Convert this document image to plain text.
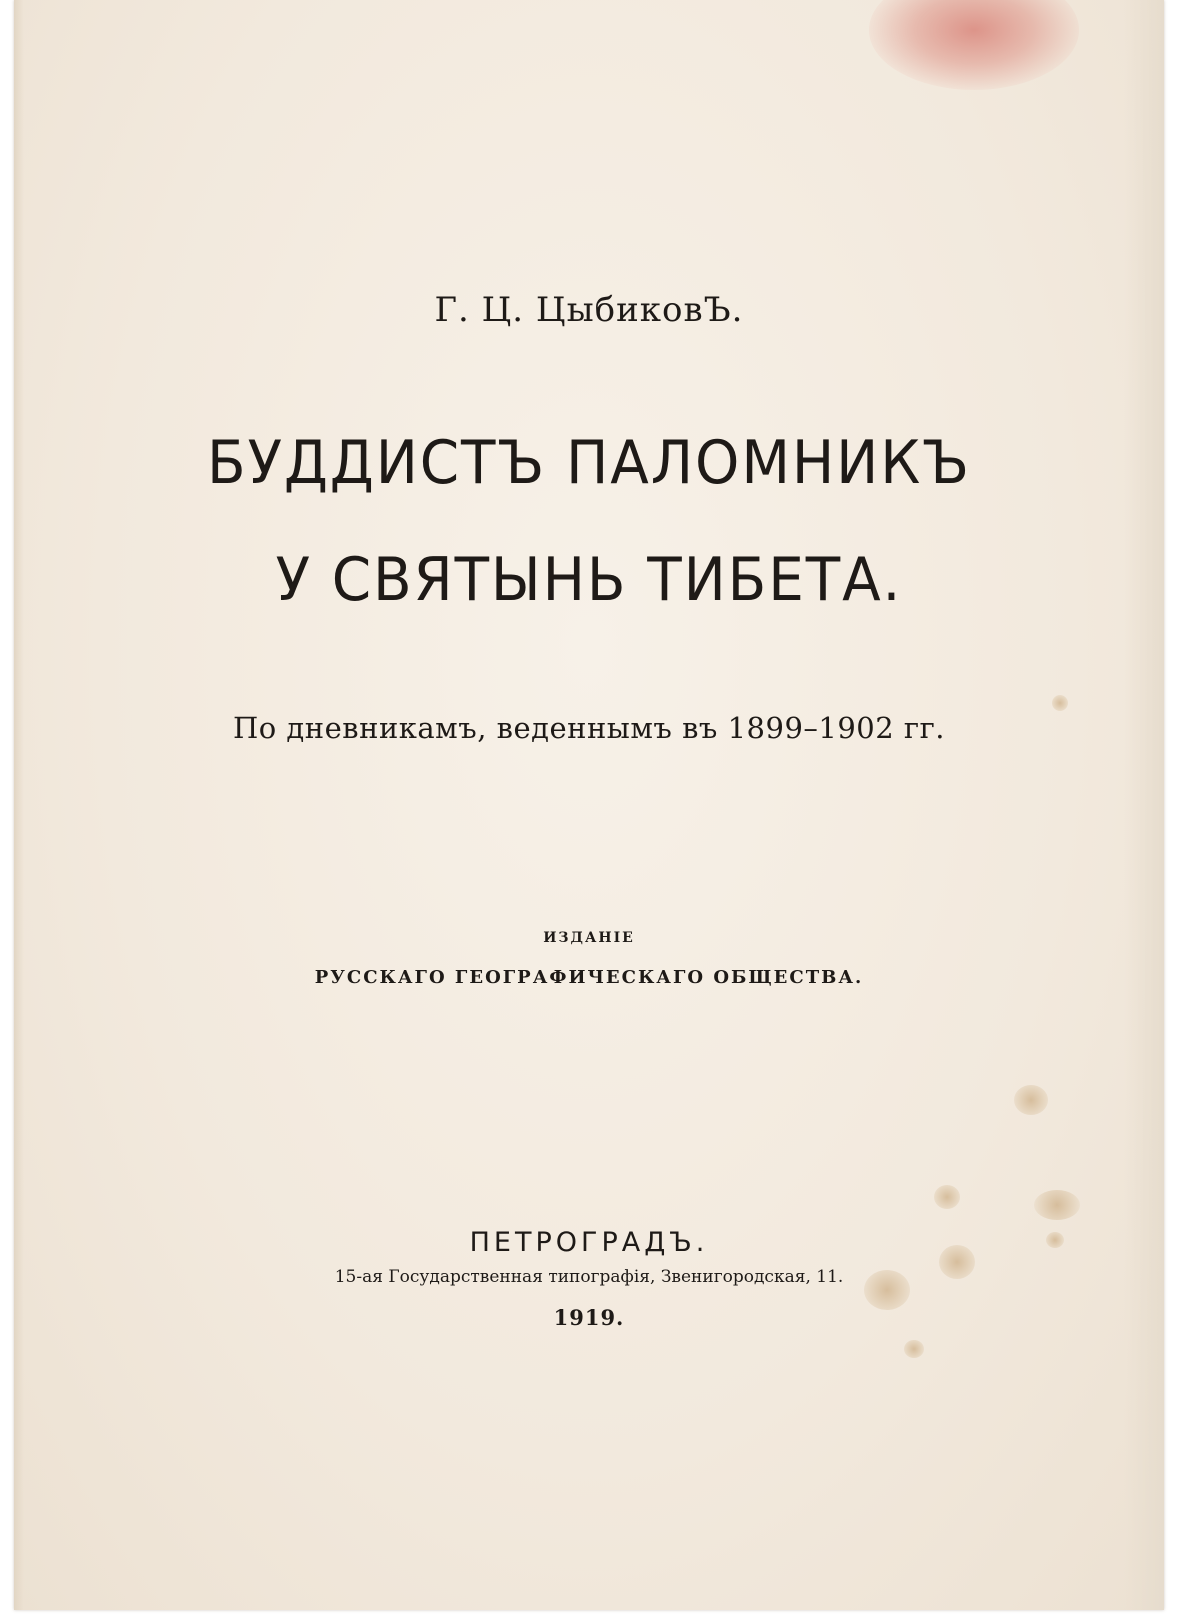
Г. Ц. ЦыбиковЪ.
БУДДИСТЪ ПАЛОМНИКЪ
У СВЯТЫНЬ ТИБЕТА.
По дневникамъ, веденнымъ въ 1899–1902 гг.
ИЗДАНІЕ
РУССКАГО ГЕОГРАФИЧЕСКАГО ОБЩЕСТВА.
ПЕТРОГРАДЪ.
15-ая Государственная типографія, Звенигородская, 11.
1919.
